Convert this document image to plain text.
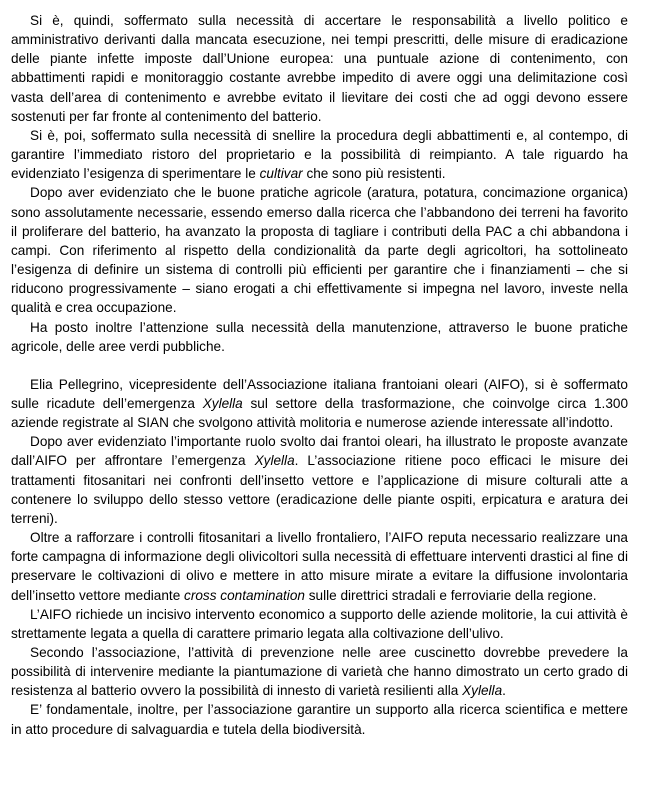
Si è, quindi, soffermato sulla necessità di accertare le responsabilità a livello politico e amministrativo derivanti dalla mancata esecuzione, nei tempi prescritti, delle misure di eradicazione delle piante infette imposte dall’Unione europea: una puntuale azione di contenimento, con abbattimenti rapidi e monitoraggio costante avrebbe impedito di avere oggi una delimitazione così vasta dell’area di contenimento e avrebbe evitato il lievitare dei costi che ad oggi devono essere sostenuti per far fronte al contenimento del batterio.

Si è, poi, soffermato sulla necessità di snellire la procedura degli abbattimenti e, al contempo, di garantire l’immediato ristoro del proprietario e la possibilità di reimpianto. A tale riguardo ha evidenziato l’esigenza di sperimentare le cultivar che sono più resistenti.

Dopo aver evidenziato che le buone pratiche agricole (aratura, potatura, concimazione organica) sono assolutamente necessarie, essendo emerso dalla ricerca che l’abbandono dei terreni ha favorito il proliferare del batterio, ha avanzato la proposta di tagliare i contributi della PAC a chi abbandona i campi. Con riferimento al rispetto della condizionalità da parte degli agricoltori, ha sottolineato l’esigenza di definire un sistema di controlli più efficienti per garantire che i finanziamenti – che si riducono progressivamente – siano erogati a chi effettivamente si impegna nel lavoro, investe nella qualità e crea occupazione.

Ha posto inoltre l’attenzione sulla necessità della manutenzione, attraverso le buone pratiche agricole, delle aree verdi pubbliche.

Elia Pellegrino, vicepresidente dell’Associazione italiana frantoiani oleari (AIFO), si è soffermato sulle ricadute dell’emergenza Xylella sul settore della trasformazione, che coinvolge circa 1.300 aziende registrate al SIAN che svolgono attività molitoria e numerose aziende interessate all’indotto.

Dopo aver evidenziato l’importante ruolo svolto dai frantoi oleari, ha illustrato le proposte avanzate dall’AIFO per affrontare l’emergenza Xylella. L’associazione ritiene poco efficaci le misure dei trattamenti fitosanitari nei confronti dell’insetto vettore e l’applicazione di misure colturali atte a contenere lo sviluppo dello stesso vettore (eradicazione delle piante ospiti, erpicatura e aratura dei terreni).

Oltre a rafforzare i controlli fitosanitari a livello frontaliero, l’AIFO reputa necessario realizzare una forte campagna di informazione degli olivicoltori sulla necessità di effettuare interventi drastici al fine di preservare le coltivazioni di olivo e mettere in atto misure mirate a evitare la diffusione involontaria dell’insetto vettore mediante cross contamination sulle direttrici stradali e ferroviarie della regione.

L’AIFO richiede un incisivo intervento economico a supporto delle aziende molitorie, la cui attività è strettamente legata a quella di carattere primario legata alla coltivazione dell’ulivo.

Secondo l’associazione, l’attività di prevenzione nelle aree cuscinetto dovrebbe prevedere la possibilità di intervenire mediante la piantumazione di varietà che hanno dimostrato un certo grado di resistenza al batterio ovvero la possibilità di innesto di varietà resilienti alla Xylella.

E’ fondamentale, inoltre, per l’associazione garantire un supporto alla ricerca scientifica e mettere in atto procedure di salvaguardia e tutela della biodiversità.
